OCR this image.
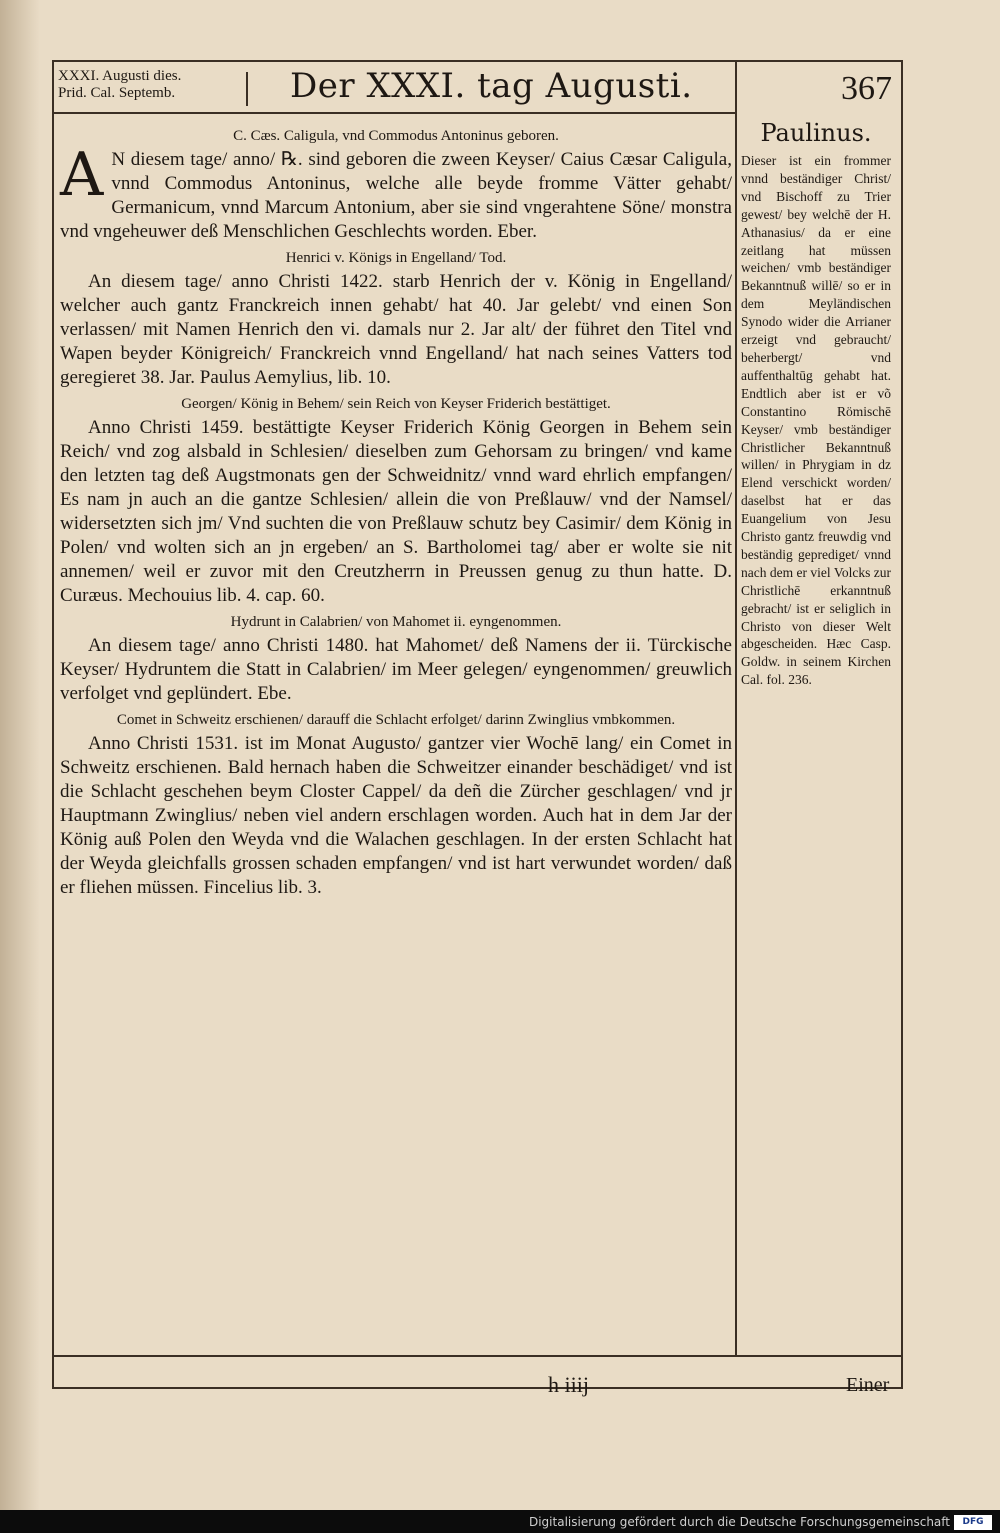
XXXI. Augusti dies.
Prid. Cal. Septemb.	Der XXXI. tag Augusti.	367
C. Cæs. Caligula, vnd Commodus Antoninus geboren.

A N diesem tage/ anno/ ℞. sind geboren die zween Keyser/ Caius Cæsar Caligula, vnnd Commodus Antoninus, welche alle beyde fromme Vätter gehabt/ Germanicum, vnnd Marcum Antonium, aber sie sind vngerahtene Söne/ monstra vnd vngeheuwer deß Menschlichen Geschlechts worden. Eber.

Henrici v. Königs in Engelland/ Tod.

An diesem tage/ anno Christi 1422. starb Henrich der v. König in Engelland/ welcher auch gantz Franckreich innen gehabt/ hat 40. Jar gelebt/ vnd einen Son verlassen/ mit Namen Henrich den vi. damals nur 2. Jar alt/ der führet den Titel vnd Wapen beyder Königreich/ Franckreich vnnd Engelland/ hat nach seines Vatters tod geregieret 38. Jar. Paulus Aemylius, lib. 10.

Georgen/ König in Behem/ sein Reich von Keyser Friderich bestättiget.

Anno Christi 1459. bestättigte Keyser Friderich König Georgen in Behem sein Reich/ vnd zog alsbald in Schlesien/ dieselben zum Gehorsam zu bringen/ vnd kame den letzten tag deß Augstmonats gen der Schweidnitz/ vnnd ward ehrlich empfangen/ Es nam jn auch an die gantze Schlesien/ allein die von Preßlauw/ vnd der Namsel/ widersetzten sich jm/ Vnd suchten die von Preßlauw schutz bey Casimir/ dem König in Polen/ vnd wolten sich an jn ergeben/ an S. Bartholomei tag/ aber er wolte sie nit annemen/ weil er zuvor mit den Creutzherrn in Preussen genug zu thun hatte. D. Curæus. Mechouius lib. 4. cap. 60.

Hydrunt in Calabrien/ von Mahomet ii. eyngenommen.

An diesem tage/ anno Christi 1480. hat Mahomet/ deß Namens der ii. Türckische Keyser/ Hydruntem die Statt in Calabrien/ im Meer gelegen/ eyngenommen/ greuwlich verfolget vnd geplündert. Ebe.

Comet in Schweitz erschienen/ darauff die Schlacht erfolget/ darinn Zwinglius vmbkommen.

Anno Christi 1531. ist im Monat Augusto/ gantzer vier Wochē lang/ ein Comet in Schweitz erschienen. Bald hernach haben die Schweitzer einander beschädiget/ vnd ist die Schlacht geschehen beym Closter Cappel/ da deñ die Zürcher geschlagen/ vnd jr Hauptmann Zwinglius/ neben viel andern erschlagen worden. Auch hat in dem Jar der König auß Polen den Weyda vnd die Walachen geschlagen. In der ersten Schlacht hat der Weyda gleichfalls grossen schaden empfangen/ vnd ist hart verwundet worden/ daß er fliehen müssen. Fincelius lib. 3.

Paulinus.
Dieser ist ein frommer vnnd beständiger Christ/ vnd Bischoff zu Trier gewest/ bey welchē der H. Athanasius/ da er eine zeitlang hat müssen weichen/ vmb beständiger Bekanntnuß willē/ so er in dem Meyländischen Synodo wider die Arrianer erzeigt vnd gebraucht/ beherbergt/ vnd auffenthaltūg gehabt hat. Endtlich aber ist er võ Constantino Römischē Keyser/ vmb beständiger Christlicher Bekanntnuß willen/ in Phrygiam in dz Elend verschickt worden/ daselbst hat er das Euangelium von Jesu Christo gantz freuwdig vnd beständig geprediget/ vnnd nach dem er viel Volcks zur Christlichē erkanntnuß gebracht/ ist er seliglich in Christo von dieser Welt abgescheiden. Hæc Casp. Goldw. in seinem Kirchen Cal. fol. 236.
h iiij	Einer
Digitalisierung gefördert durch die Deutsche Forschungsgemeinschaft	DFG
